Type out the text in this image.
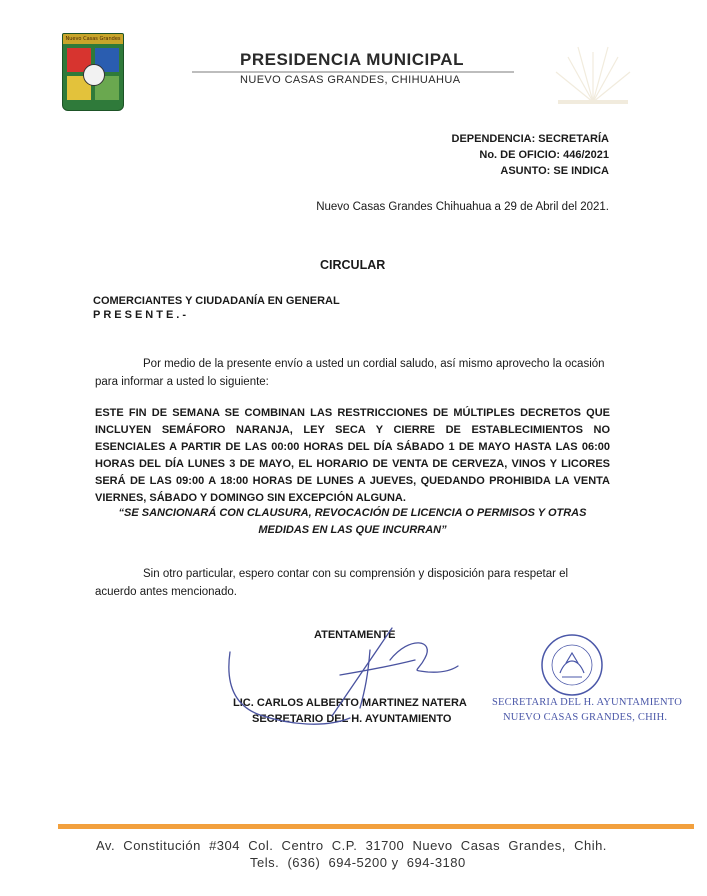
Nuevo Casas Grandes
PRESIDENCIA MUNICIPAL
NUEVO CASAS GRANDES, CHIHUAHUA
DEPENDENCIA: SECRETARÍA
No. DE OFICIO: 446/2021
ASUNTO: SE INDICA
Nuevo Casas Grandes Chihuahua a 29 de Abril del 2021.
CIRCULAR
COMERCIANTES Y CIUDADANÍA EN GENERAL
PRESENTE.-
Por medio de la presente envío a usted un cordial saludo, así mismo aprovecho la ocasión para informar a usted lo siguiente:
ESTE FIN DE SEMANA SE COMBINAN LAS RESTRICCIONES DE MÚLTIPLES DECRETOS QUE INCLUYEN SEMÁFORO NARANJA, LEY SECA Y CIERRE DE ESTABLECIMIENTOS NO ESENCIALES A PARTIR DE LAS 00:00 HORAS DEL DÍA SÁBADO 1 DE MAYO HASTA LAS 06:00 HORAS DEL DÍA LUNES 3 DE MAYO, EL HORARIO DE VENTA DE CERVEZA, VINOS Y LICORES SERÁ DE LAS 09:00 A 18:00 HORAS DE LUNES A JUEVES, QUEDANDO PROHIBIDA LA VENTA VIERNES, SÁBADO Y DOMINGO SIN EXCEPCIÓN ALGUNA.
“SE SANCIONARÁ CON CLAUSURA, REVOCACIÓN DE LICENCIA O PERMISOS Y OTRAS MEDIDAS EN LAS QUE INCURRAN”
Sin otro particular, espero contar con su comprensión y disposición para respetar el acuerdo antes mencionado.
ATENTAMENTE
LIC. CARLOS ALBERTO MARTINEZ NATERA
SECRETARIO DEL H. AYUNTAMIENTO
SECRETARIA DEL H. AYUNTAMIENTO
NUEVO CASAS GRANDES, CHIH.
Av.  Constitución  #304  Col.  Centro  C.P.  31700  Nuevo  Casas  Grandes,  Chih.
Tels.  (636)  694-5200 y  694-3180
